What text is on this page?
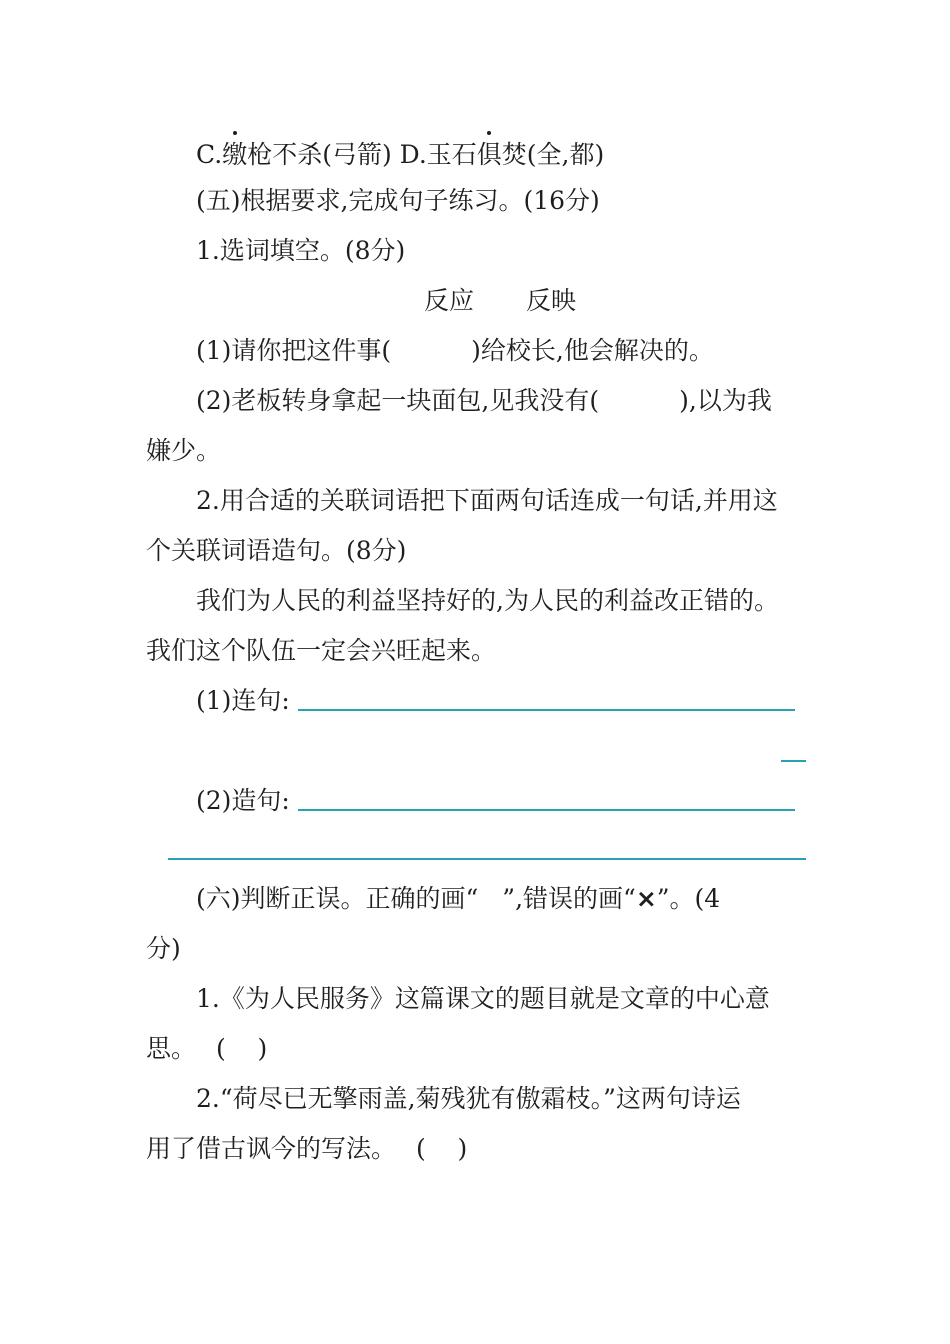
C.缴枪不杀(弓箭) D.玉石俱焚(全,都)
(五)根据要求,完成句子练习。(16分)
1.选词填空。(8分)
反应 反映
(1)请你把这件事(	)给校长,他会解决的。
(2)老板转身拿起一块面包,见我没有(	),以为我
嫌少。
2.用合适的关联词语把下面两句话连成一句话,并用这
个关联词语造句。(8分)
我们为人民的利益坚持好的,为人民的利益改正错的。
我们这个队伍一定会兴旺起来。
(1)连句:
(2)造句:
(六)判断正误。正确的画“ ”,错误的画“×”。(4
分)
1.《为人民服务》这篇课文的题目就是文章的中心意
思。 (    )
2.“荷尽已无擎雨盖,菊残犹有傲霜枝。”这两句诗运
用了借古讽今的写法。 (    )
